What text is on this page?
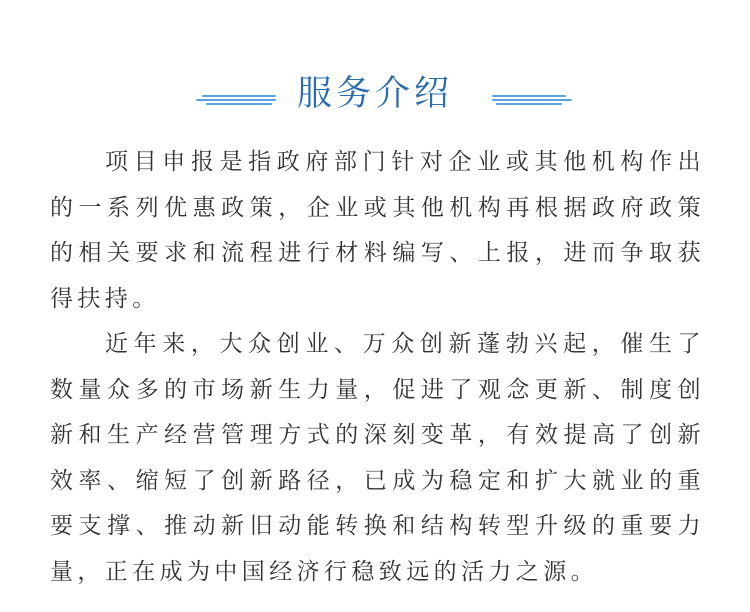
服务介绍

项目申报是指政府部门针对企业或其他机构作出的一系列优惠政策，企业或其他机构再根据政府政策的相关要求和流程进行材料编写、上报，进而争取获得扶持。

近年来，大众创业、万众创新蓬勃兴起，催生了数量众多的市场新生力量，促进了观念更新、制度创新和生产经营管理方式的深刻变革，有效提高了创新效率、缩短了创新路径，已成为稳定和扩大就业的重要支撑、推动新旧动能转换和结构转型升级的重要力量，正在成为中国经济行稳致远的活力之源。
